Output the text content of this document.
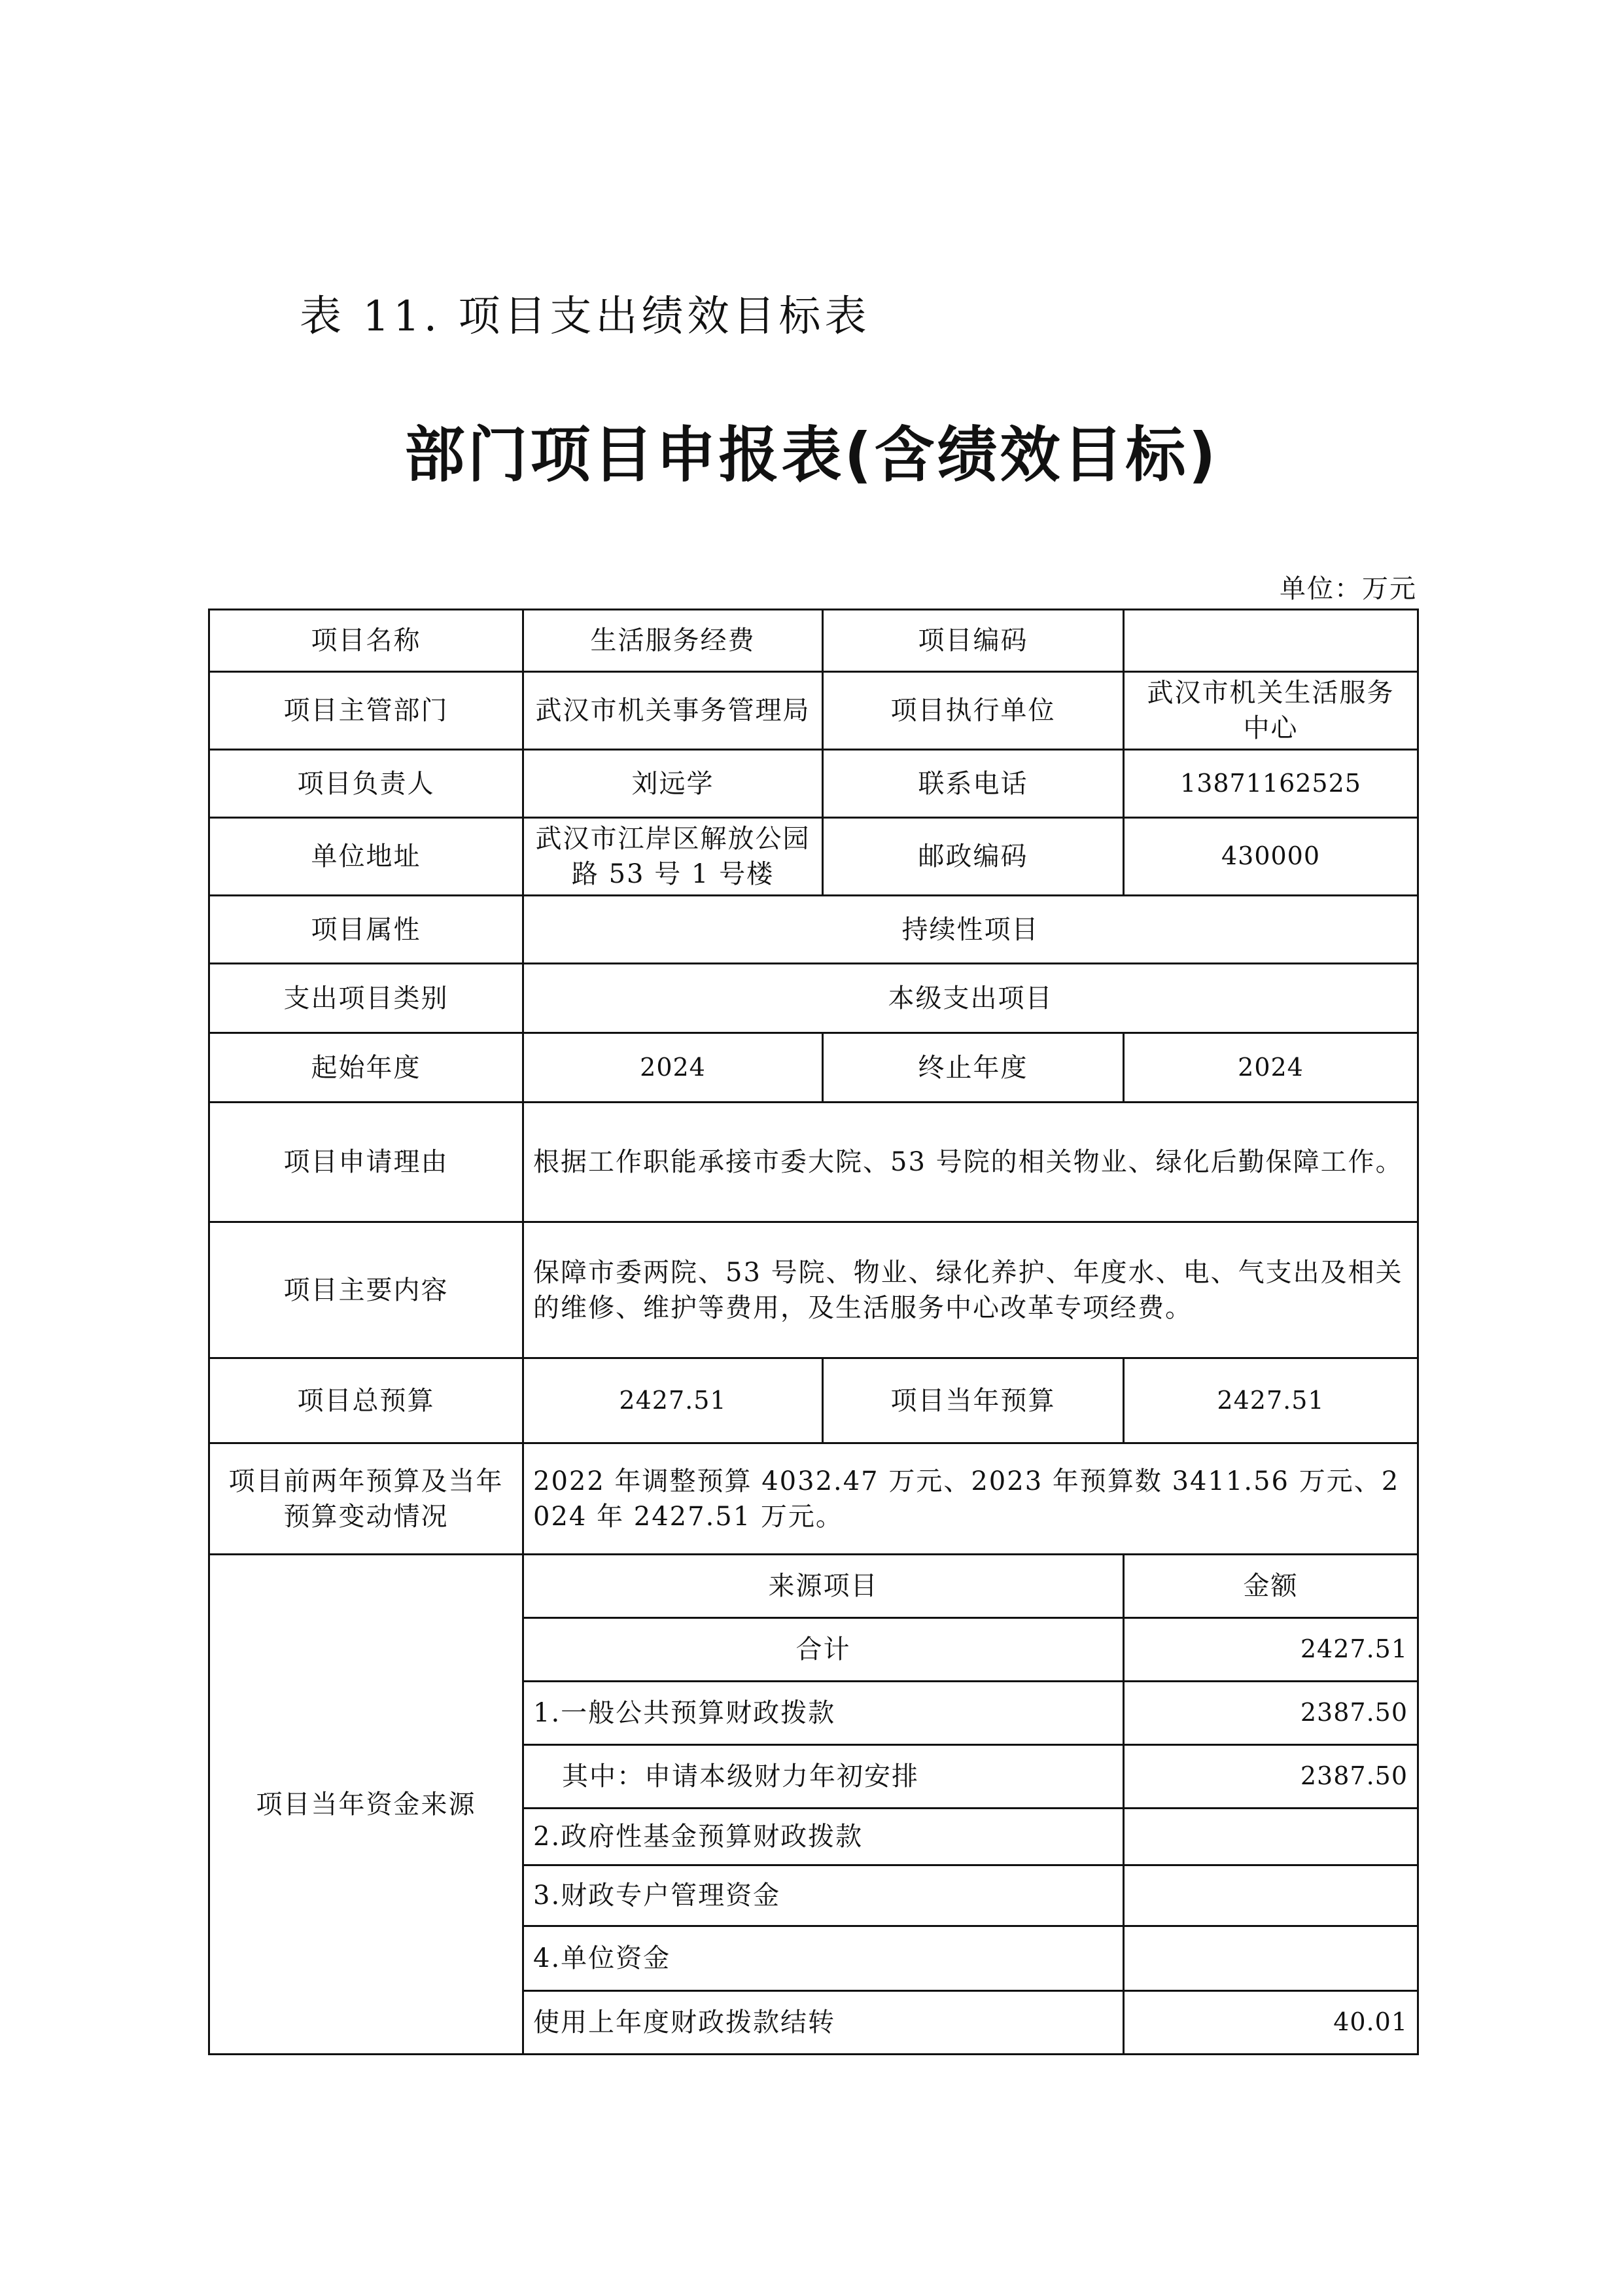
表 11. 项目支出绩效目标表
部门项目申报表(含绩效目标)
单位：万元
项目名称	生活服务经费	项目编码	
项目主管部门	武汉市机关事务管理局	项目执行单位	武汉市机关生活服务中心
项目负责人	刘远学	联系电话	13871162525
单位地址	武汉市江岸区解放公园路 53 号 1 号楼	邮政编码	430000
项目属性	持续性项目		
支出项目类别	本级支出项目		
起始年度	2024	终止年度	2024
项目申请理由	根据工作职能承接市委大院、53 号院的相关物业、绿化后勤保障工作。		
项目主要内容	保障市委两院、53 号院、物业、绿化养护、年度水、电、气支出及相关的维修、维护等费用，及生活服务中心改革专项经费。		
项目总预算	2427.51	项目当年预算	2427.51
项目前两年预算及当年预算变动情况	2022 年调整预算 4032.47 万元、2023 年预算数 3411.56 万元、2024 年 2427.51 万元。		
项目当年资金来源	来源项目		金额
	合计		2427.51
	1.一般公共预算财政拨款		2387.50
	其中：申请本级财力年初安排		2387.50
	2.政府性基金预算财政拨款		
	3.财政专户管理资金		
	4.单位资金		
	使用上年度财政拨款结转		40.01
